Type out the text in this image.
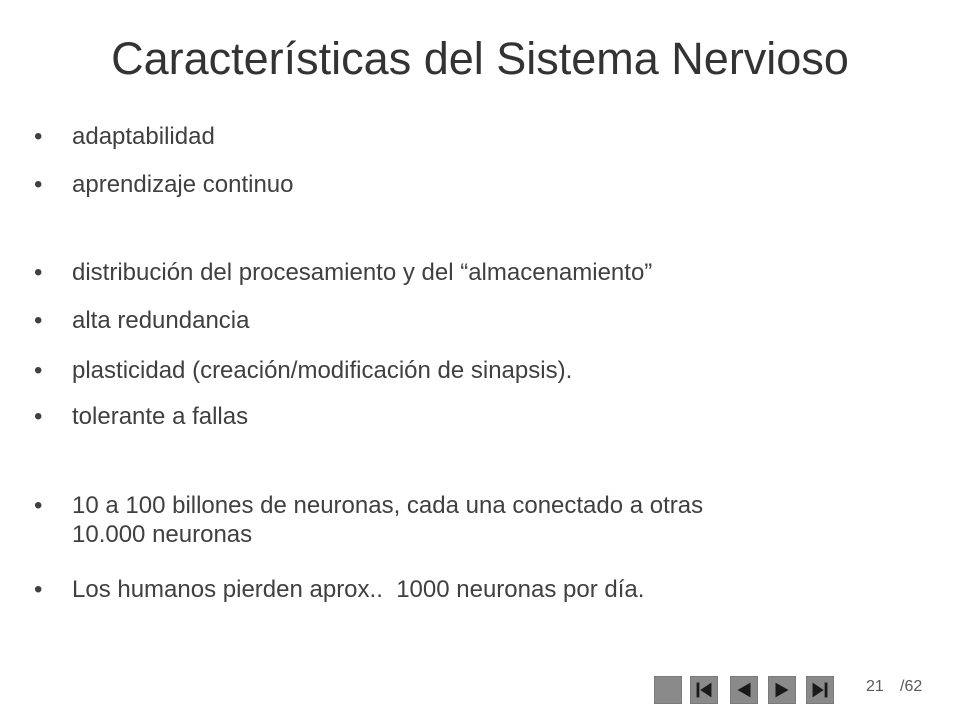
Características del Sistema Nervioso
•	adaptabilidad
•	aprendizaje continuo
•	distribución del procesamiento y del “almacenamiento”
•	alta redundancia
•	plasticidad (creación/modificación de sinapsis).
•	tolerante a fallas
•	10 a 100 billones de neuronas, cada una conectado a otras
10.000 neuronas
•	Los humanos pierden aprox..  1000 neuronas por día.
21 /62
